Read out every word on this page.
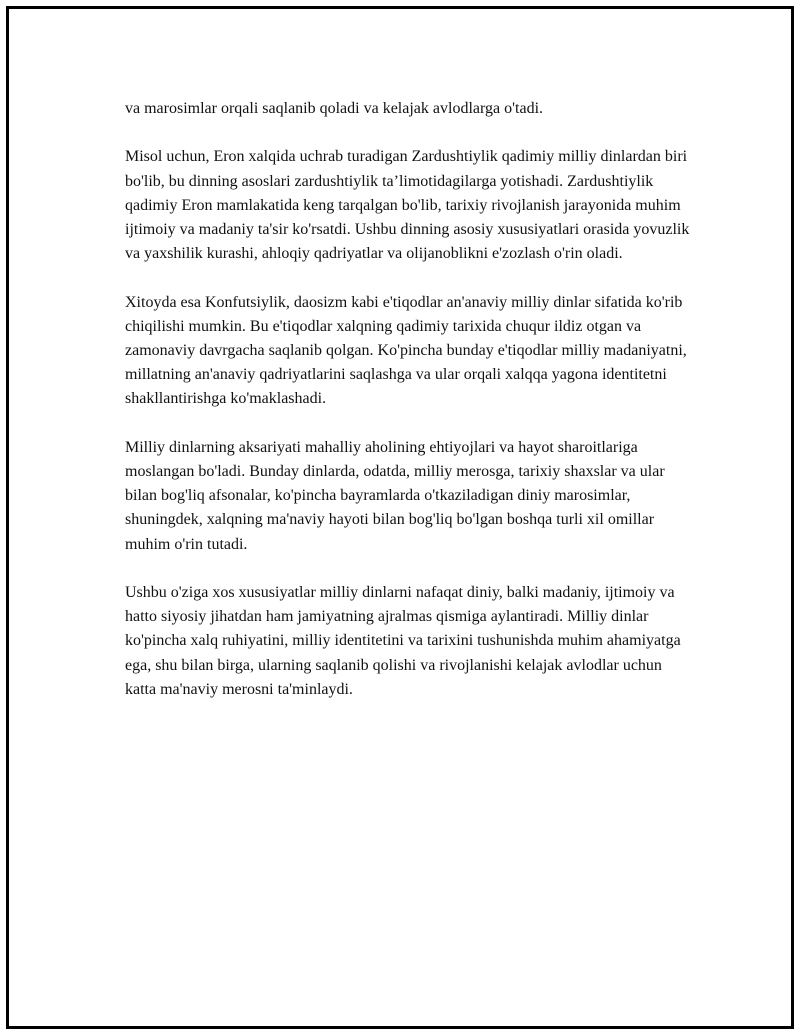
va marosimlar orqali saqlanib qoladi va kelajak avlodlarga o'tadi.

Misol uchun, Eron xalqida uchrab turadigan Zardushtiylik qadimiy milliy dinlardan biri bo'lib, bu dinning asoslari zardushtiylik ta’limotidagilarga yotishadi. Zardushtiylik qadimiy Eron mamlakatida keng tarqalgan bo'lib, tarixiy rivojlanish jarayonida muhim ijtimoiy va madaniy ta'sir ko'rsatdi. Ushbu dinning asosiy xususiyatlari orasida yovuzlik va yaxshilik kurashi, ahloqiy qadriyatlar va olijanoblikni e'zozlash o'rin oladi.

Xitoyda esa Konfutsiylik, daosizm kabi e'tiqodlar an'anaviy milliy dinlar sifatida ko'rib chiqilishi mumkin. Bu e'tiqodlar xalqning qadimiy tarixida chuqur ildiz otgan va zamonaviy davrgacha saqlanib qolgan. Ko'pincha bunday e'tiqodlar milliy madaniyatni, millatning an'anaviy qadriyatlarini saqlashga va ular orqali xalqqa yagona identitetni shakllantirishga ko'maklashadi.

Milliy dinlarning aksariyati mahalliy aholining ehtiyojlari va hayot sharoitlariga moslangan bo'ladi. Bunday dinlarda, odatda, milliy merosga, tarixiy shaxslar va ular bilan bog'liq afsonalar, ko'pincha bayramlarda o'tkaziladigan diniy marosimlar, shuningdek, xalqning ma'naviy hayoti bilan bog'liq bo'lgan boshqa turli xil omillar muhim o'rin tutadi.

Ushbu o'ziga xos xususiyatlar milliy dinlarni nafaqat diniy, balki madaniy, ijtimoiy va hatto siyosiy jihatdan ham jamiyatning ajralmas qismiga aylantiradi. Milliy dinlar ko'pincha xalq ruhiyatini, milliy identitetini va tarixini tushunishda muhim ahamiyatga ega, shu bilan birga, ularning saqlanib qolishi va rivojlanishi kelajak avlodlar uchun katta ma'naviy merosni ta'minlaydi.
